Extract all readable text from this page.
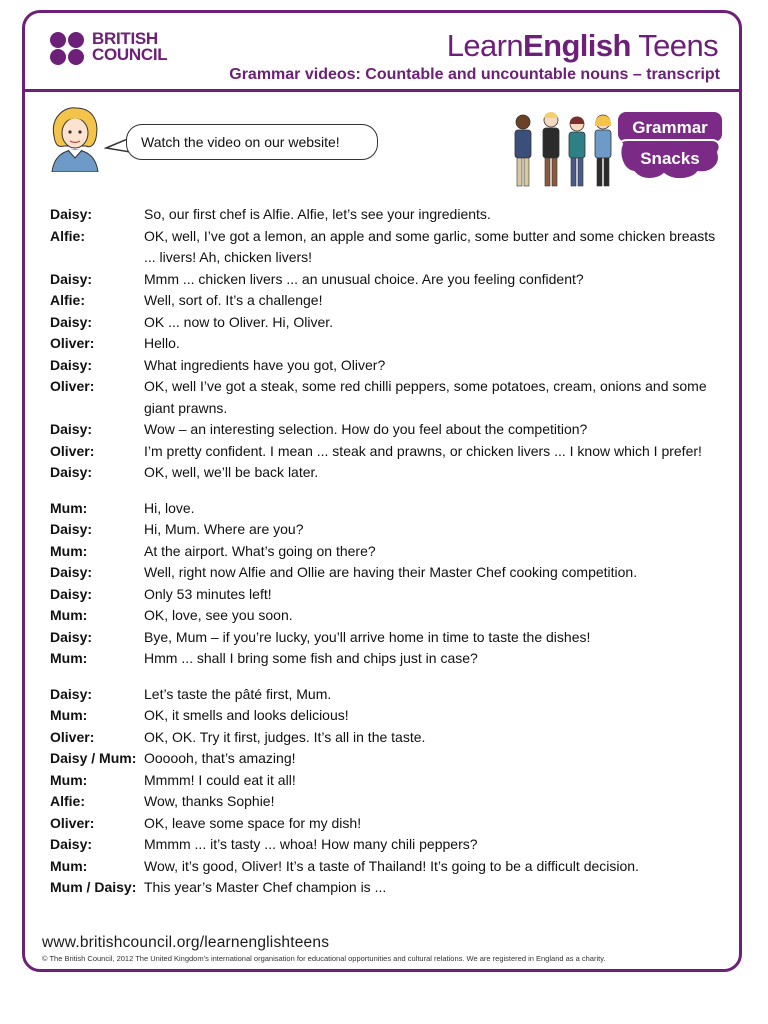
BRITISH
COUNCIL	LearnEnglish Teens
Grammar videos: Countable and uncountable nouns – transcript
Watch the video on our website!
Grammar
Snacks
Daisy:	So, our first chef is Alfie. Alfie, let’s see your ingredients.
Alfie:	OK, well, I’ve got a lemon, an apple and some garlic, some butter and some chicken breasts ... livers! Ah, chicken livers!
Daisy:	Mmm ... chicken livers ... an unusual choice. Are you feeling confident?
Alfie:	Well, sort of. It’s a challenge!
Daisy:	OK ... now to Oliver. Hi, Oliver.
Oliver:	Hello.
Daisy:	What ingredients have you got, Oliver?
Oliver:	OK, well I’ve got a steak, some red chilli peppers, some potatoes, cream, onions and some giant prawns.
Daisy:	Wow – an interesting selection. How do you feel about the competition?
Oliver:	I’m pretty confident. I mean ... steak and prawns, or chicken livers ... I know which I prefer!
Daisy:	OK, well, we’ll be back later.
Mum:	Hi, love.
Daisy:	Hi, Mum. Where are you?
Mum:	At the airport. What’s going on there?
Daisy:	Well, right now Alfie and Ollie are having their Master Chef cooking competition.
Daisy:	Only 53 minutes left!
Mum:	OK, love, see you soon.
Daisy:	Bye, Mum – if you’re lucky, you’ll arrive home in time to taste the dishes!
Mum:	Hmm ... shall I bring some fish and chips just in case?
Daisy:	Let’s taste the pâté first, Mum.
Mum:	OK, it smells and looks delicious!
Oliver:	OK, OK. Try it first, judges. It’s all in the taste.
Daisy / Mum: Oooooh, that’s amazing!
Mum:	Mmmm! I could eat it all!
Alfie:	Wow, thanks Sophie!
Oliver:	OK, leave some space for my dish!
Daisy:	Mmmm ... it’s tasty ... whoa! How many chili peppers?
Mum:	Wow, it’s good, Oliver! It’s a taste of Thailand! It’s going to be a difficult decision.
Mum / Daisy: This year’s Master Chef champion is ...
www.britishcouncil.org/learnenglishteens
© The British Council, 2012 The United Kingdom’s international organisation for educational opportunities and cultural relations. We are registered in England as a charity.
